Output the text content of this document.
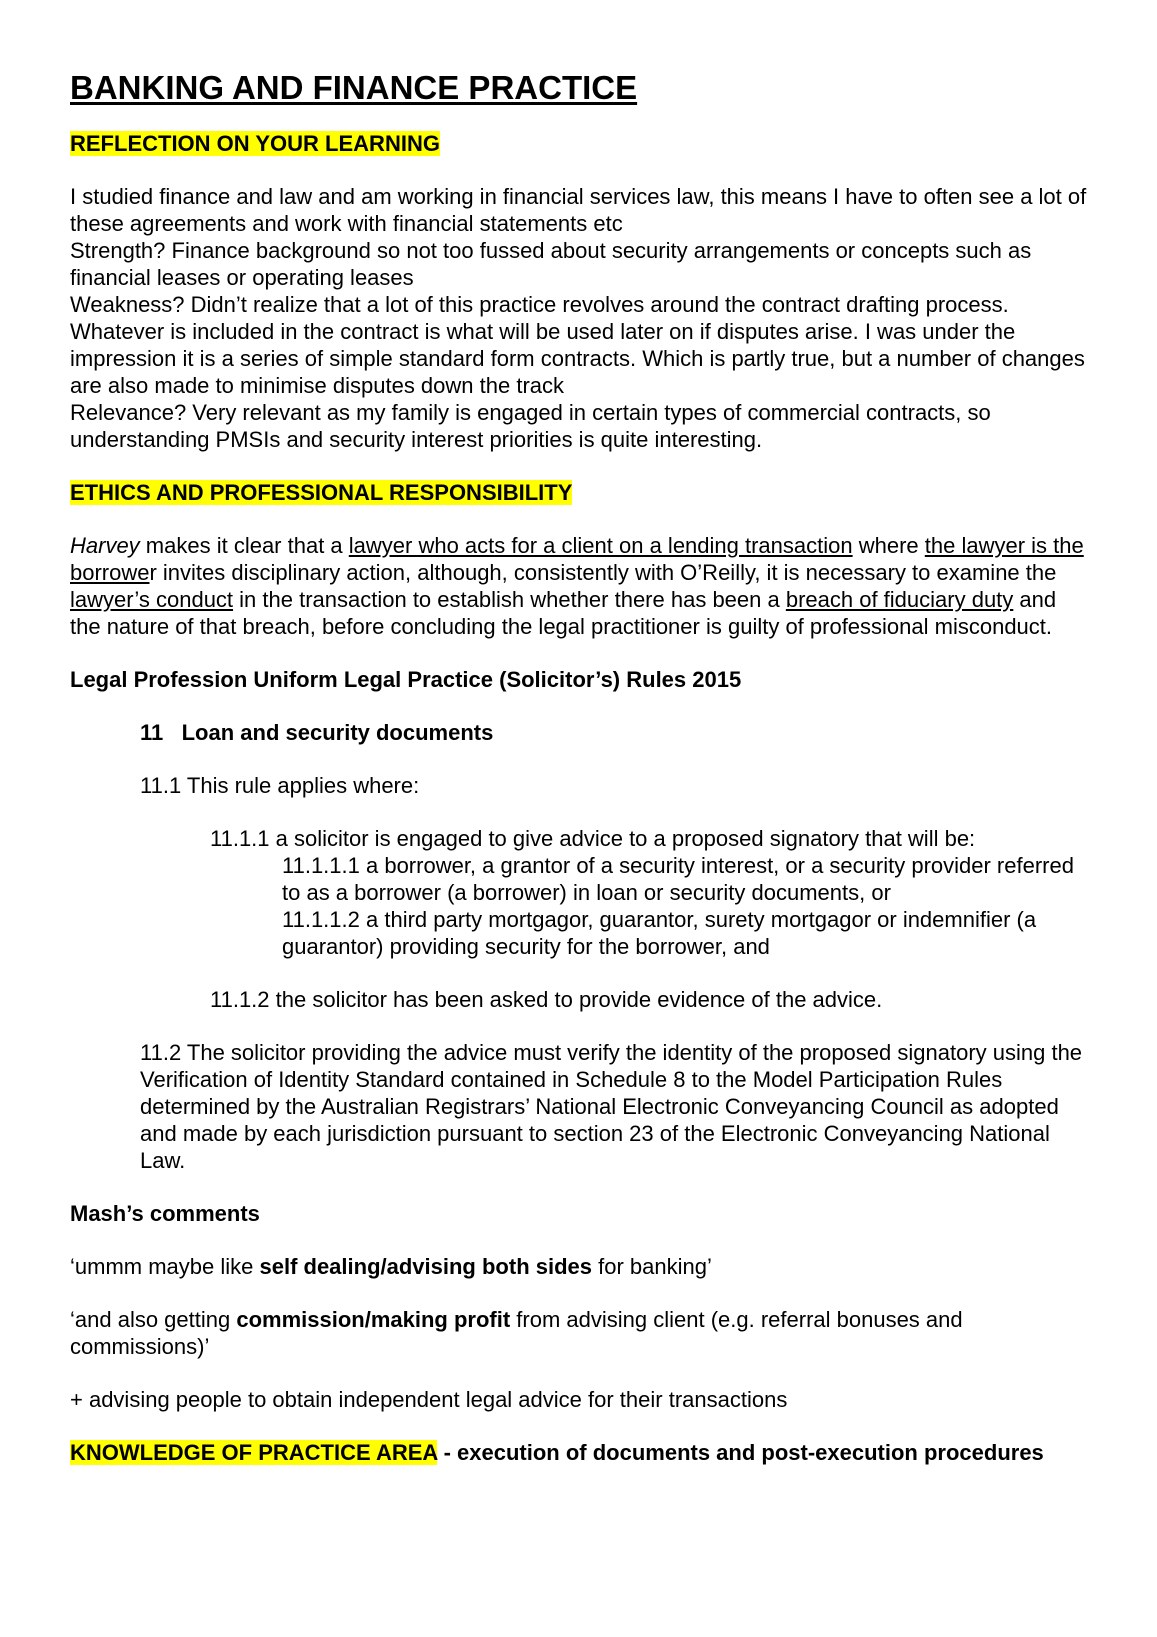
BANKING AND FINANCE PRACTICE

REFLECTION ON YOUR LEARNING

I studied finance and law and am working in financial services law, this means I have to often see a lot of these agreements and work with financial statements etc

Strength? Finance background so not too fussed about security arrangements or concepts such as financial leases or operating leases

Weakness? Didn’t realize that a lot of this practice revolves around the contract drafting process. Whatever is included in the contract is what will be used later on if disputes arise. I was under the impression it is a series of simple standard form contracts. Which is partly true, but a number of changes are also made to minimise disputes down the track

Relevance? Very relevant as my family is engaged in certain types of commercial contracts, so understanding PMSIs and security interest priorities is quite interesting.

ETHICS AND PROFESSIONAL RESPONSIBILITY

Harvey makes it clear that a lawyer who acts for a client on a lending transaction where the lawyer is the borrower invites disciplinary action, although, consistently with O’Reilly, it is necessary to examine the lawyer’s conduct in the transaction to establish whether there has been a breach of fiduciary duty and the nature of that breach, before concluding the legal practitioner is guilty of professional misconduct.

Legal Profession Uniform Legal Practice (Solicitor’s) Rules 2015

11 Loan and security documents

11.1 This rule applies where:

11.1.1 a solicitor is engaged to give advice to a proposed signatory that will be:

11.1.1.1 a borrower, a grantor of a security interest, or a security provider referred to as a borrower (a borrower) in loan or security documents, or

11.1.1.2 a third party mortgagor, guarantor, surety mortgagor or indemnifier (a guarantor) providing security for the borrower, and

11.1.2 the solicitor has been asked to provide evidence of the advice.

11.2 The solicitor providing the advice must verify the identity of the proposed signatory using the Verification of Identity Standard contained in Schedule 8 to the Model Participation Rules determined by the Australian Registrars’ National Electronic Conveyancing Council as adopted and made by each jurisdiction pursuant to section 23 of the Electronic Conveyancing National Law.

Mash’s comments

‘ummm maybe like self dealing/advising both sides for banking’

‘and also getting commission/making profit from advising client (e.g. referral bonuses and commissions)’

+ advising people to obtain independent legal advice for their transactions

KNOWLEDGE OF PRACTICE AREA - execution of documents and post-execution procedures
